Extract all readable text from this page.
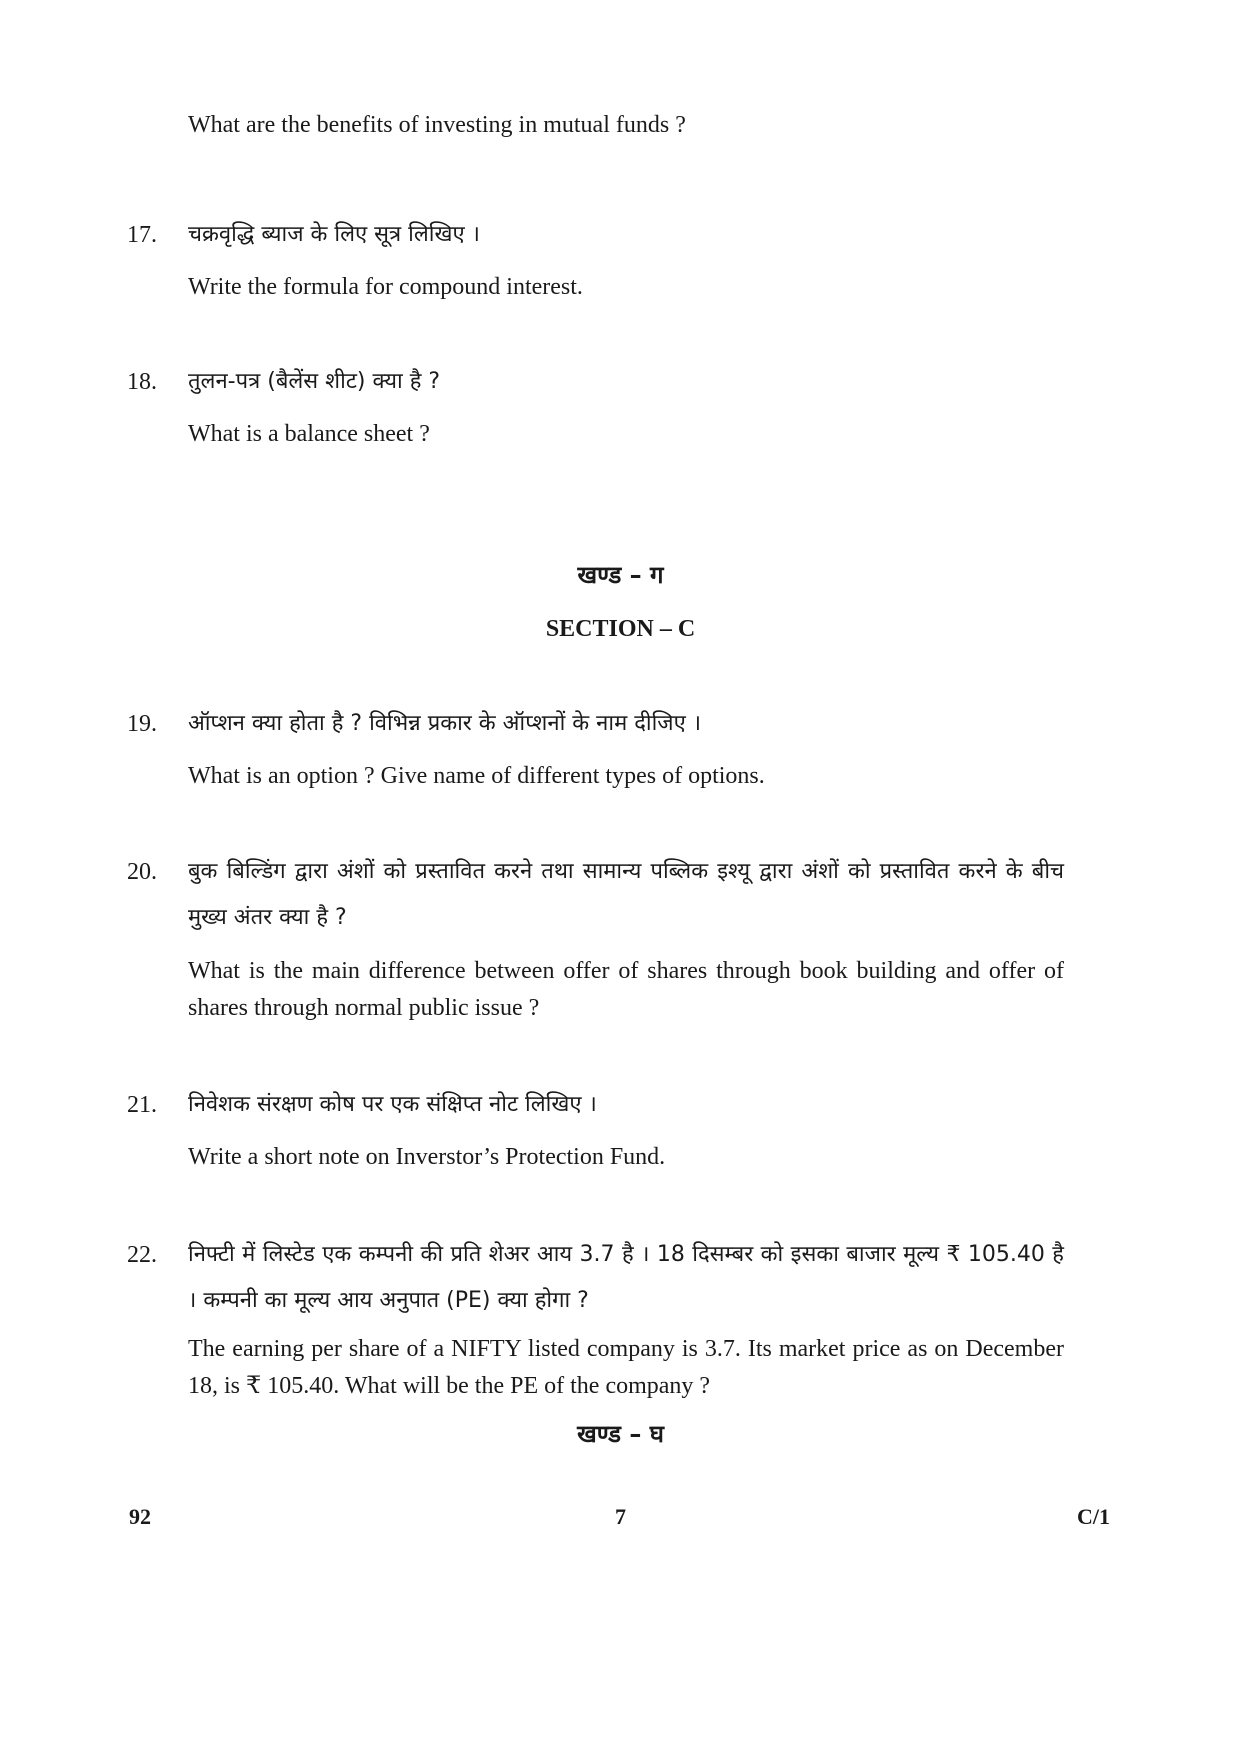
What are the benefits of investing in mutual funds ?
17. चक्रवृद्धि ब्याज के लिए सूत्र लिखिए ।
Write the formula for compound interest.
18. तुलन-पत्र (बैलेंस शीट) क्या है ?
What is a balance sheet ?
खण्ड – ग
SECTION – C
19. ऑप्शन क्या होता है ? विभिन्न प्रकार के ऑप्शनों के नाम दीजिए ।
What is an option ? Give name of different types of options.
20. बुक बिल्डिंग द्वारा अंशों को प्रस्तावित करने तथा सामान्य पब्लिक इश्यू द्वारा अंशों को प्रस्तावित करने के बीच मुख्य अंतर क्या है ?
What is the main difference between offer of shares through book building and offer of shares through normal public issue ?
21. निवेशक संरक्षण कोष पर एक संक्षिप्त नोट लिखिए ।
Write a short note on Inverstor’s Protection Fund.
22. निफ्टी में लिस्टेड एक कम्पनी की प्रति शेअर आय 3.7 है । 18 दिसम्बर को इसका बाजार मूल्य ₹ 105.40 है । कम्पनी का मूल्य आय अनुपात (PE) क्या होगा ?
The earning per share of a NIFTY listed company is 3.7. Its market price as on December 18, is ₹ 105.40. What will be the PE of the company ?
खण्ड – घ
92	7	C/1
